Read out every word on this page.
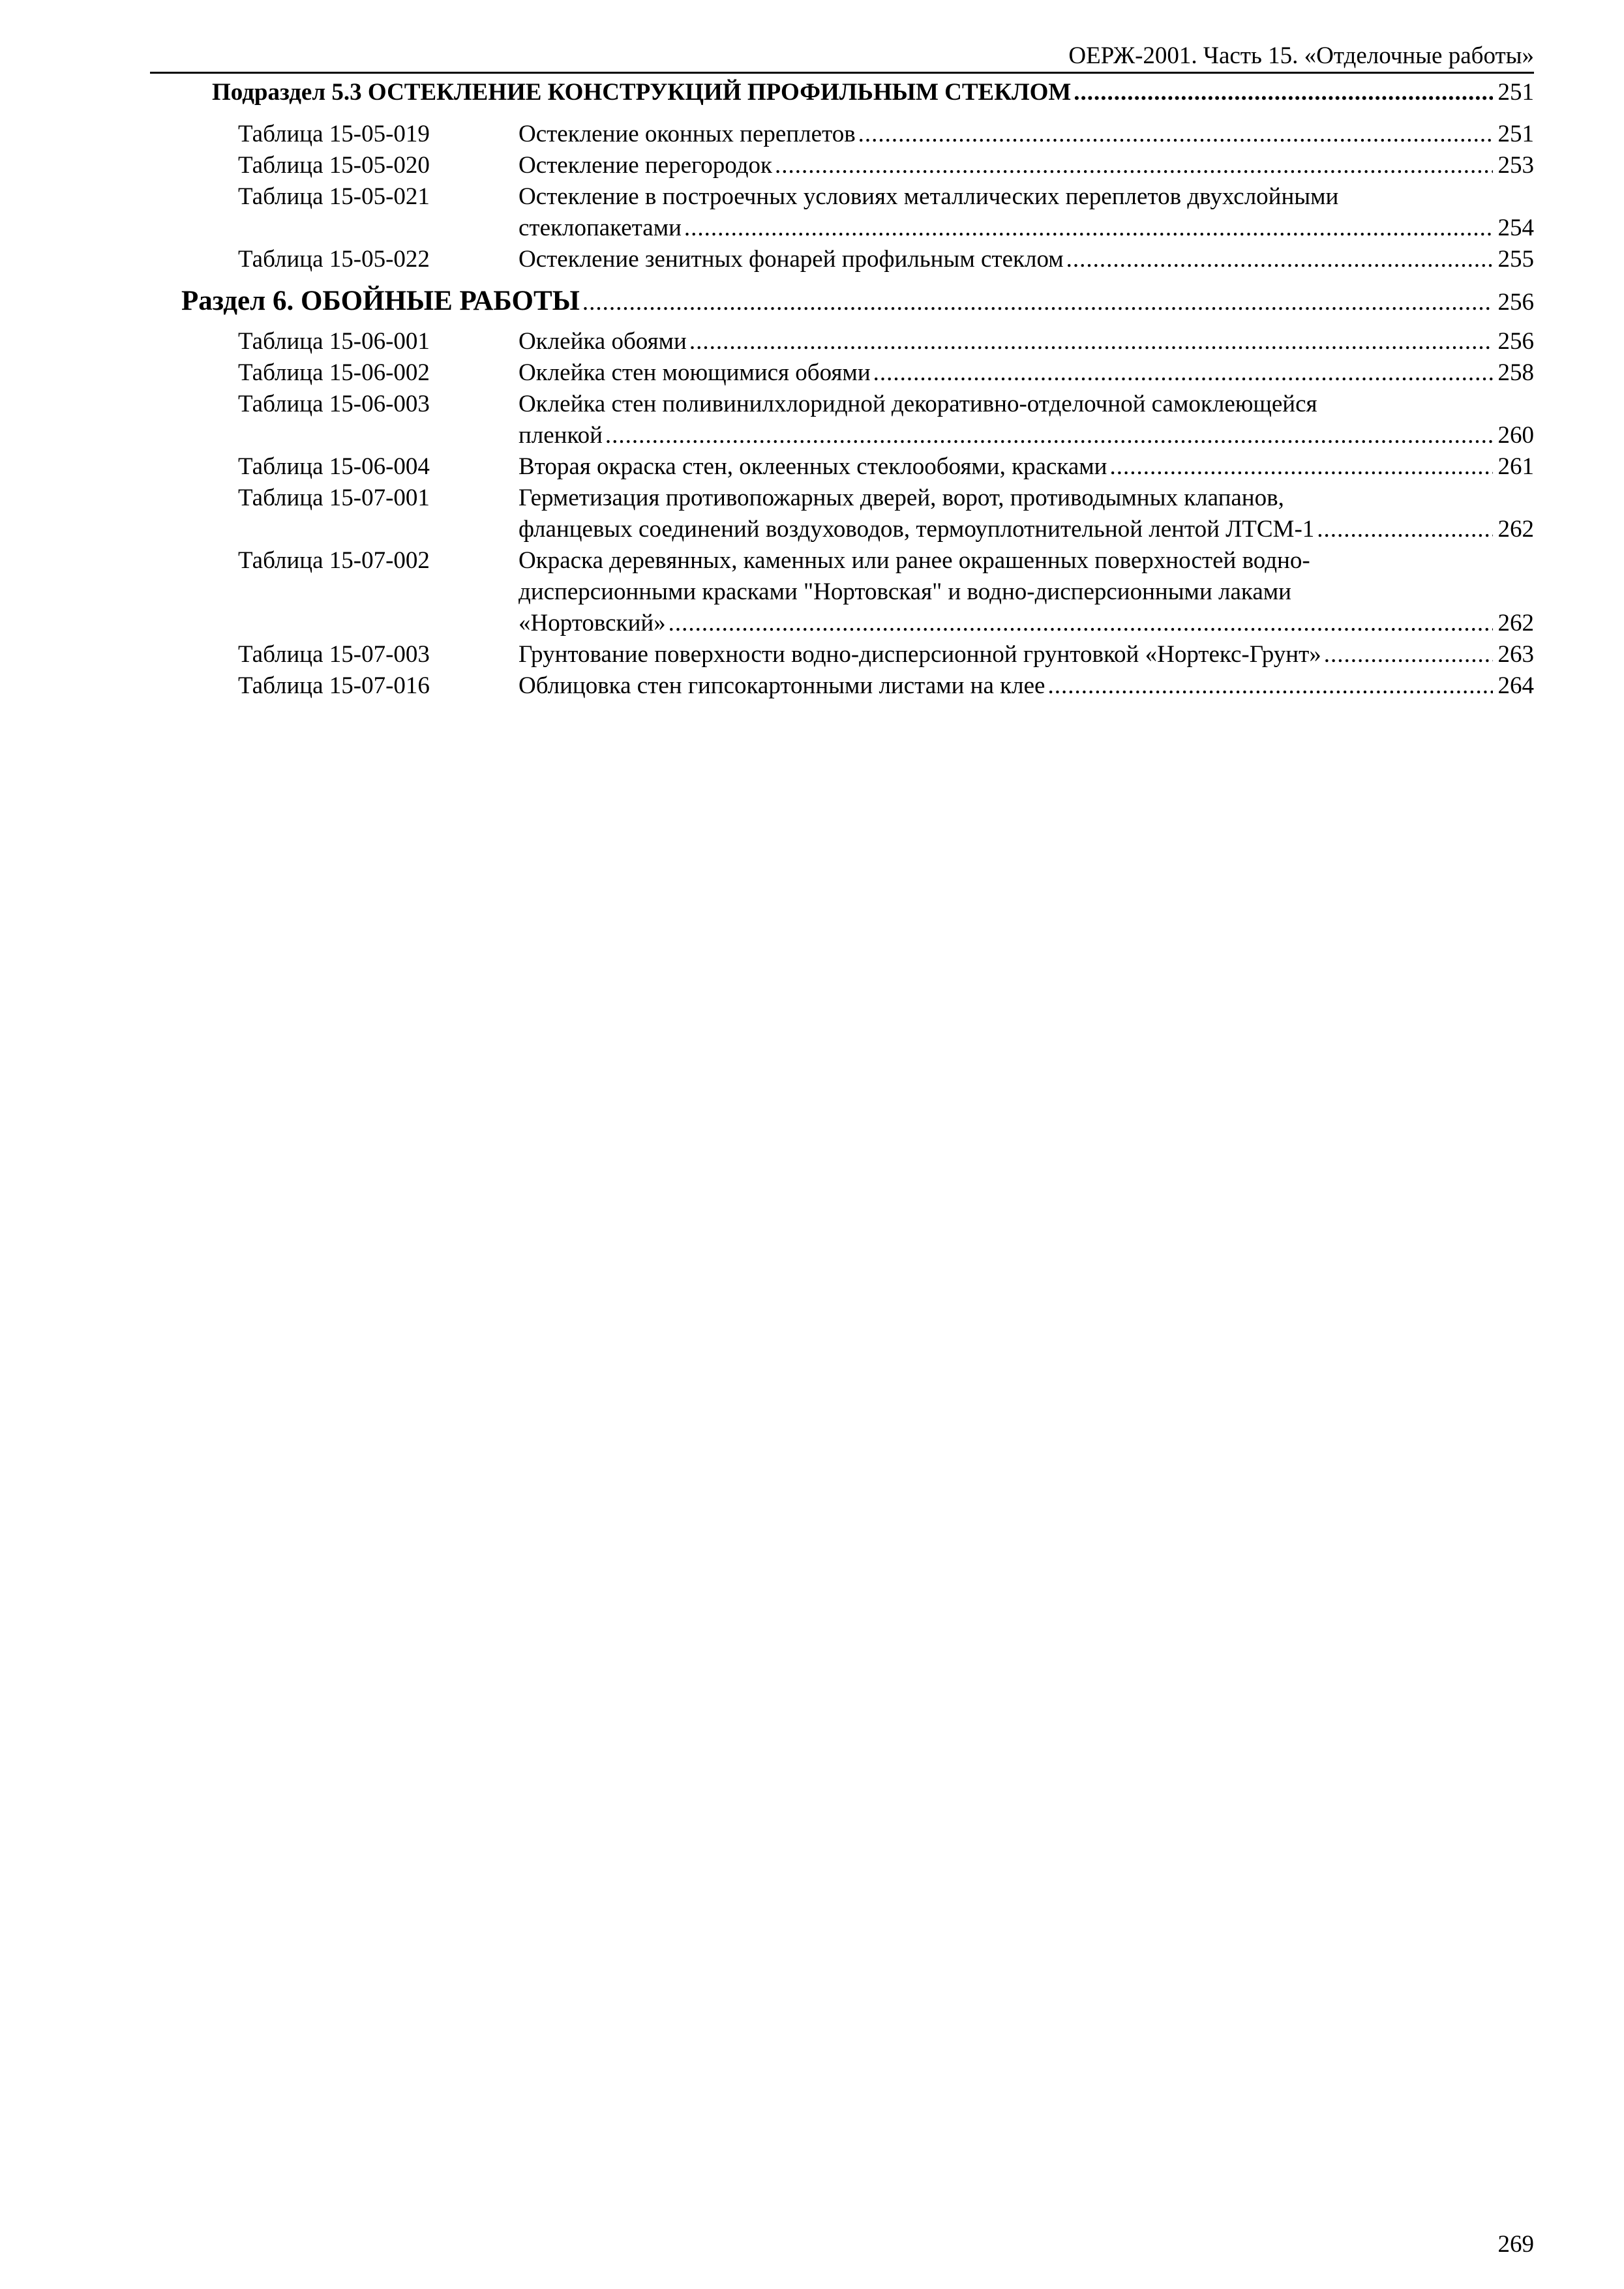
ОЕРЖ-2001. Часть 15. «Отделочные работы»
Подраздел 5.3 ОСТЕКЛЕНИЕ КОНСТРУКЦИЙ ПРОФИЛЬНЫМ СТЕКЛОМ .....	251
Таблица 15-05-019	Остекление оконных переплетов .....	251
Таблица 15-05-020	Остекление перегородок .....	253
Таблица 15-05-021	Остекление в построечных условиях металлических переплетов двухслойными
стеклопакетами .....	254
Таблица 15-05-022	Остекление зенитных фонарей профильным стеклом .....	255
Раздел 6. ОБОЙНЫЕ РАБОТЫ .....	256
Таблица 15-06-001	Оклейка обоями .....	256
Таблица 15-06-002	Оклейка стен моющимися обоями .....	258
Таблица 15-06-003	Оклейка стен поливинилхлоридной декоративно-отделочной самоклеющейся
пленкой .....	260
Таблица 15-06-004	Вторая окраска стен, оклеенных стеклообоями, красками .....	261
Таблица 15-07-001	Герметизация противопожарных дверей, ворот, противодымных клапанов,
фланцевых соединений воздуховодов, термоуплотнительной лентой ЛТСМ-1 .....	262
Таблица 15-07-002	Окраска деревянных, каменных или ранее окрашенных поверхностей водно-
дисперсионными красками "Нортовская" и водно-дисперсионными лаками
«Нортовский» .....	262
Таблица 15-07-003	Грунтование поверхности водно-дисперсионной грунтовкой «Нортекс-Грунт» .....	263
Таблица 15-07-016	Облицовка стен гипсокартонными листами на клее .....	264
269
